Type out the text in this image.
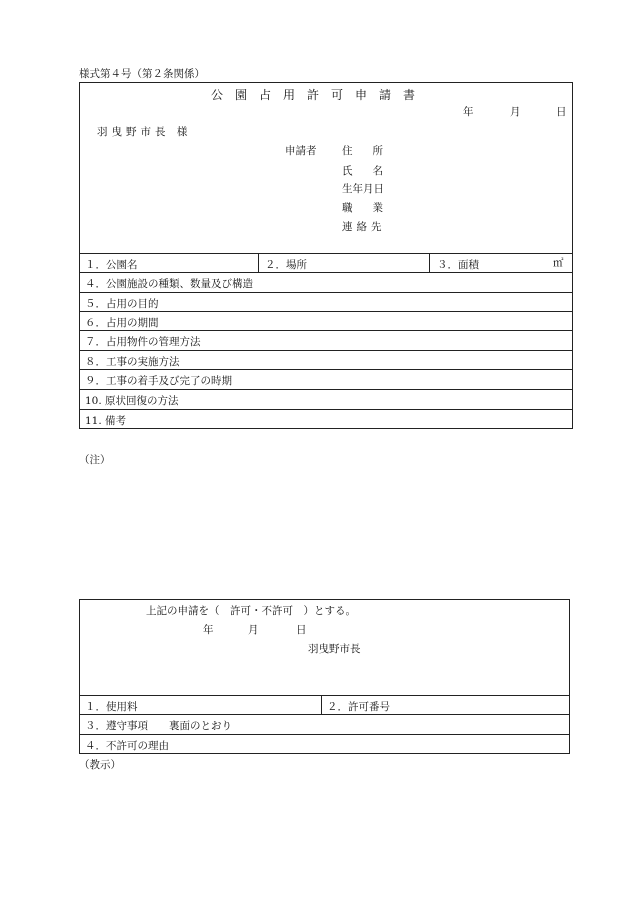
様式第４号（第２条関係）
公園占用許可申請書
年	月	日
羽曳野市長 様
申請者 住所
氏名
生年月日
職業
連絡先
１．公園名	２．場所	３．面積	㎡
４．公園施設の種類、数量及び構造
５．占用の目的
６．占用の期間
７．占用物件の管理方法
８．工事の実施方法
９．工事の着手及び完了の時期
10. 原状回復の方法
11. 備考
（注）
上記の申請を（　許可・不許可　）とする。
年	月	日
羽曳野市長
１．使用料	２．許可番号
３．遵守事項　　裏面のとおり
４．不許可の理由
（教示）
